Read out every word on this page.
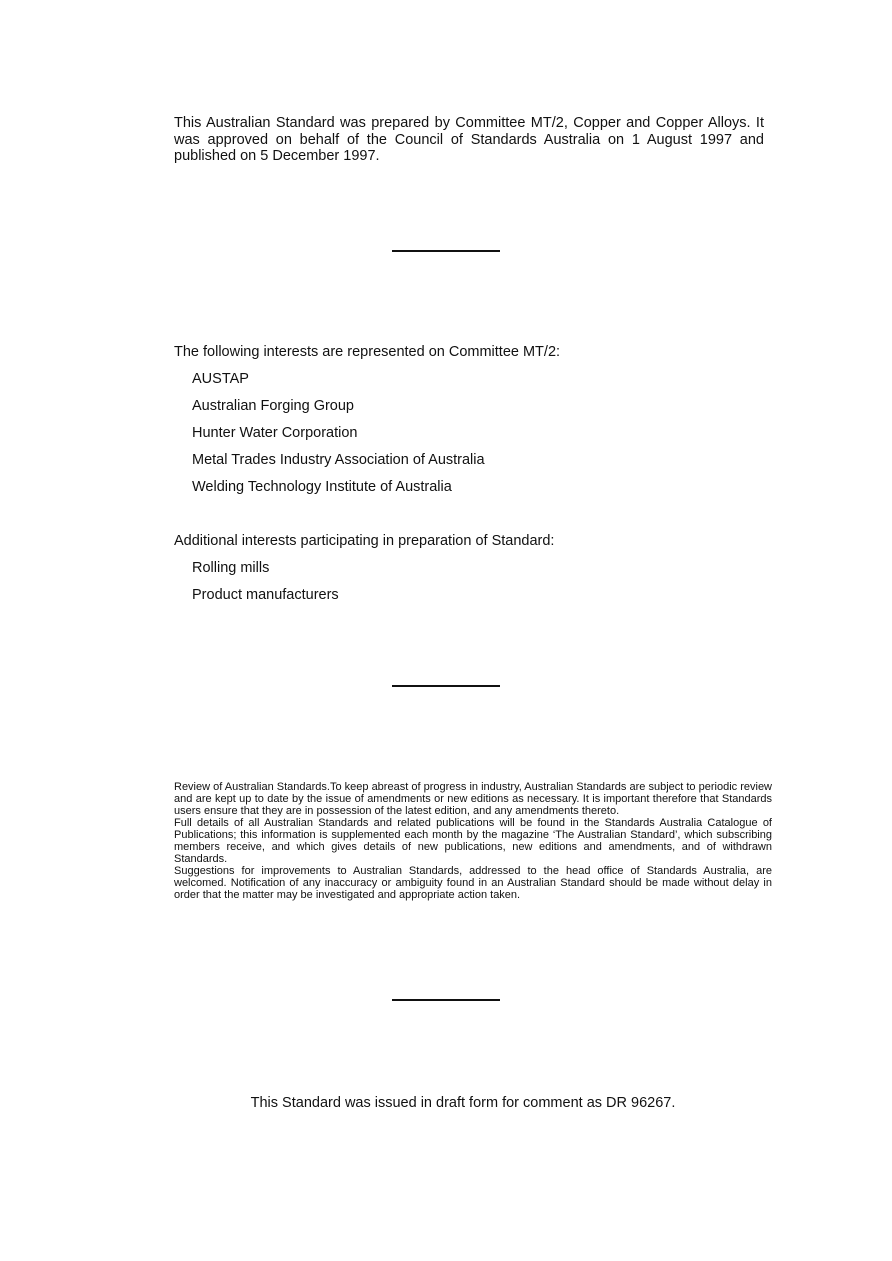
This Australian Standard was prepared by Committee MT/2, Copper and Copper Alloys. It was approved on behalf of the Council of Standards Australia on 1 August 1997 and published on 5 December 1997.

The following interests are represented on Committee MT/2:

AUSTAP
Australian Forging Group
Hunter Water Corporation
Metal Trades Industry Association of Australia
Welding Technology Institute of Australia

Additional interests participating in preparation of Standard:

Rolling mills
Product manufacturers

Review of Australian Standards.To keep abreast of progress in industry, Australian Standards are subject to periodic review and are kept up to date by the issue of amendments or new editions as necessary. It is important therefore that Standards users ensure that they are in possession of the latest edition, and any amendments thereto.

Full details of all Australian Standards and related publications will be found in the Standards Australia Catalogue of Publications; this information is supplemented each month by the magazine ‘The Australian Standard’, which subscribing members receive, and which gives details of new publications, new editions and amendments, and of withdrawn Standards.

Suggestions for improvements to Australian Standards, addressed to the head office of Standards Australia, are welcomed. Notification of any inaccuracy or ambiguity found in an Australian Standard should be made without delay in order that the matter may be investigated and appropriate action taken.

This Standard was issued in draft form for comment as DR 96267.
